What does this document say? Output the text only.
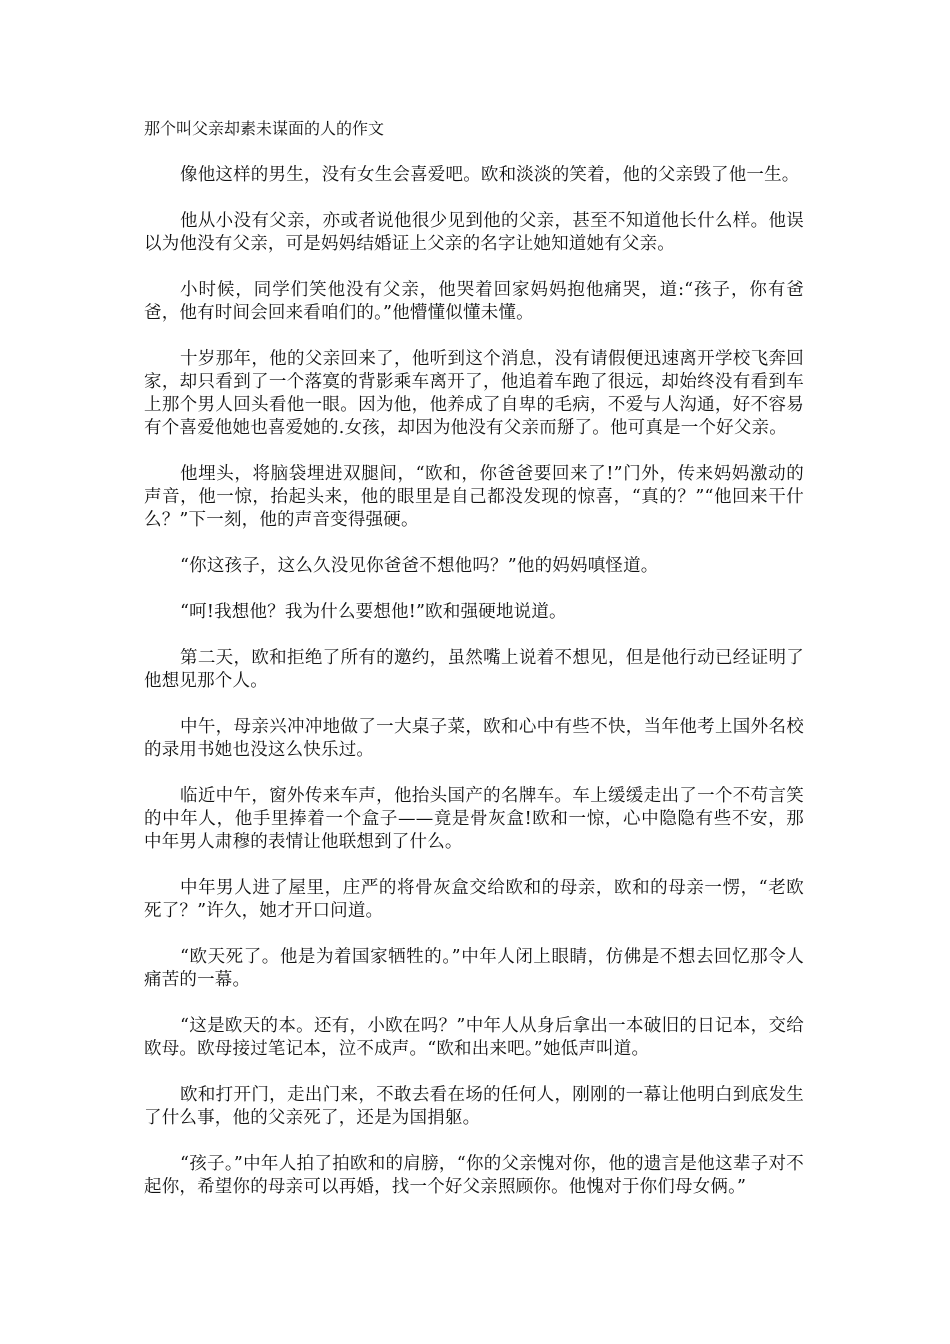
那个叫父亲却素未谋面的人的作文

像他这样的男生，没有女生会喜爱吧。欧和淡淡的笑着，他的父亲毁了他一生。

他从小没有父亲，亦或者说他很少见到他的父亲，甚至不知道他长什么样。他误以为他没有父亲，可是妈妈结婚证上父亲的名字让她知道她有父亲。

小时候，同学们笑他没有父亲，他哭着回家妈妈抱他痛哭，道:“孩子，你有爸爸，他有时间会回来看咱们的。”他懵懂似懂未懂。

十岁那年，他的父亲回来了，他听到这个消息，没有请假便迅速离开学校飞奔回家，却只看到了一个落寞的背影乘车离开了，他追着车跑了很远，却始终没有看到车上那个男人回头看他一眼。因为他，他养成了自卑的毛病，不爱与人沟通，好不容易有个喜爱他她也喜爱她的.女孩，却因为他没有父亲而掰了。他可真是一个好父亲。

他埋头，将脑袋埋进双腿间，“欧和，你爸爸要回来了!”门外，传来妈妈激动的声音，他一惊，抬起头来，他的眼里是自己都没发现的惊喜，“真的？”“他回来干什么？”下一刻，他的声音变得强硬。

“你这孩子，这么久没见你爸爸不想他吗？”他的妈妈嗔怪道。

“呵!我想他？我为什么要想他!”欧和强硬地说道。

第二天，欧和拒绝了所有的邀约，虽然嘴上说着不想见，但是他行动已经证明了他想见那个人。

中午，母亲兴冲冲地做了一大桌子菜，欧和心中有些不快，当年他考上国外名校的录用书她也没这么快乐过。

临近中午，窗外传来车声，他抬头国产的名牌车。车上缓缓走出了一个不苟言笑的中年人，他手里捧着一个盒子——竟是骨灰盒!欧和一惊，心中隐隐有些不安，那中年男人肃穆的表情让他联想到了什么。

中年男人进了屋里，庄严的将骨灰盒交给欧和的母亲，欧和的母亲一愣，“老欧死了？”许久，她才开口问道。

“欧天死了。他是为着国家牺牲的。”中年人闭上眼睛，仿佛是不想去回忆那令人痛苦的一幕。

“这是欧天的本。还有，小欧在吗？”中年人从身后拿出一本破旧的日记本，交给欧母。欧母接过笔记本，泣不成声。“欧和出来吧。”她低声叫道。

欧和打开门，走出门来，不敢去看在场的任何人，刚刚的一幕让他明白到底发生了什么事，他的父亲死了，还是为国捐躯。

“孩子。”中年人拍了拍欧和的肩膀，“你的父亲愧对你，他的遗言是他这辈子对不起你，希望你的母亲可以再婚，找一个好父亲照顾你。他愧对于你们母女俩。”
